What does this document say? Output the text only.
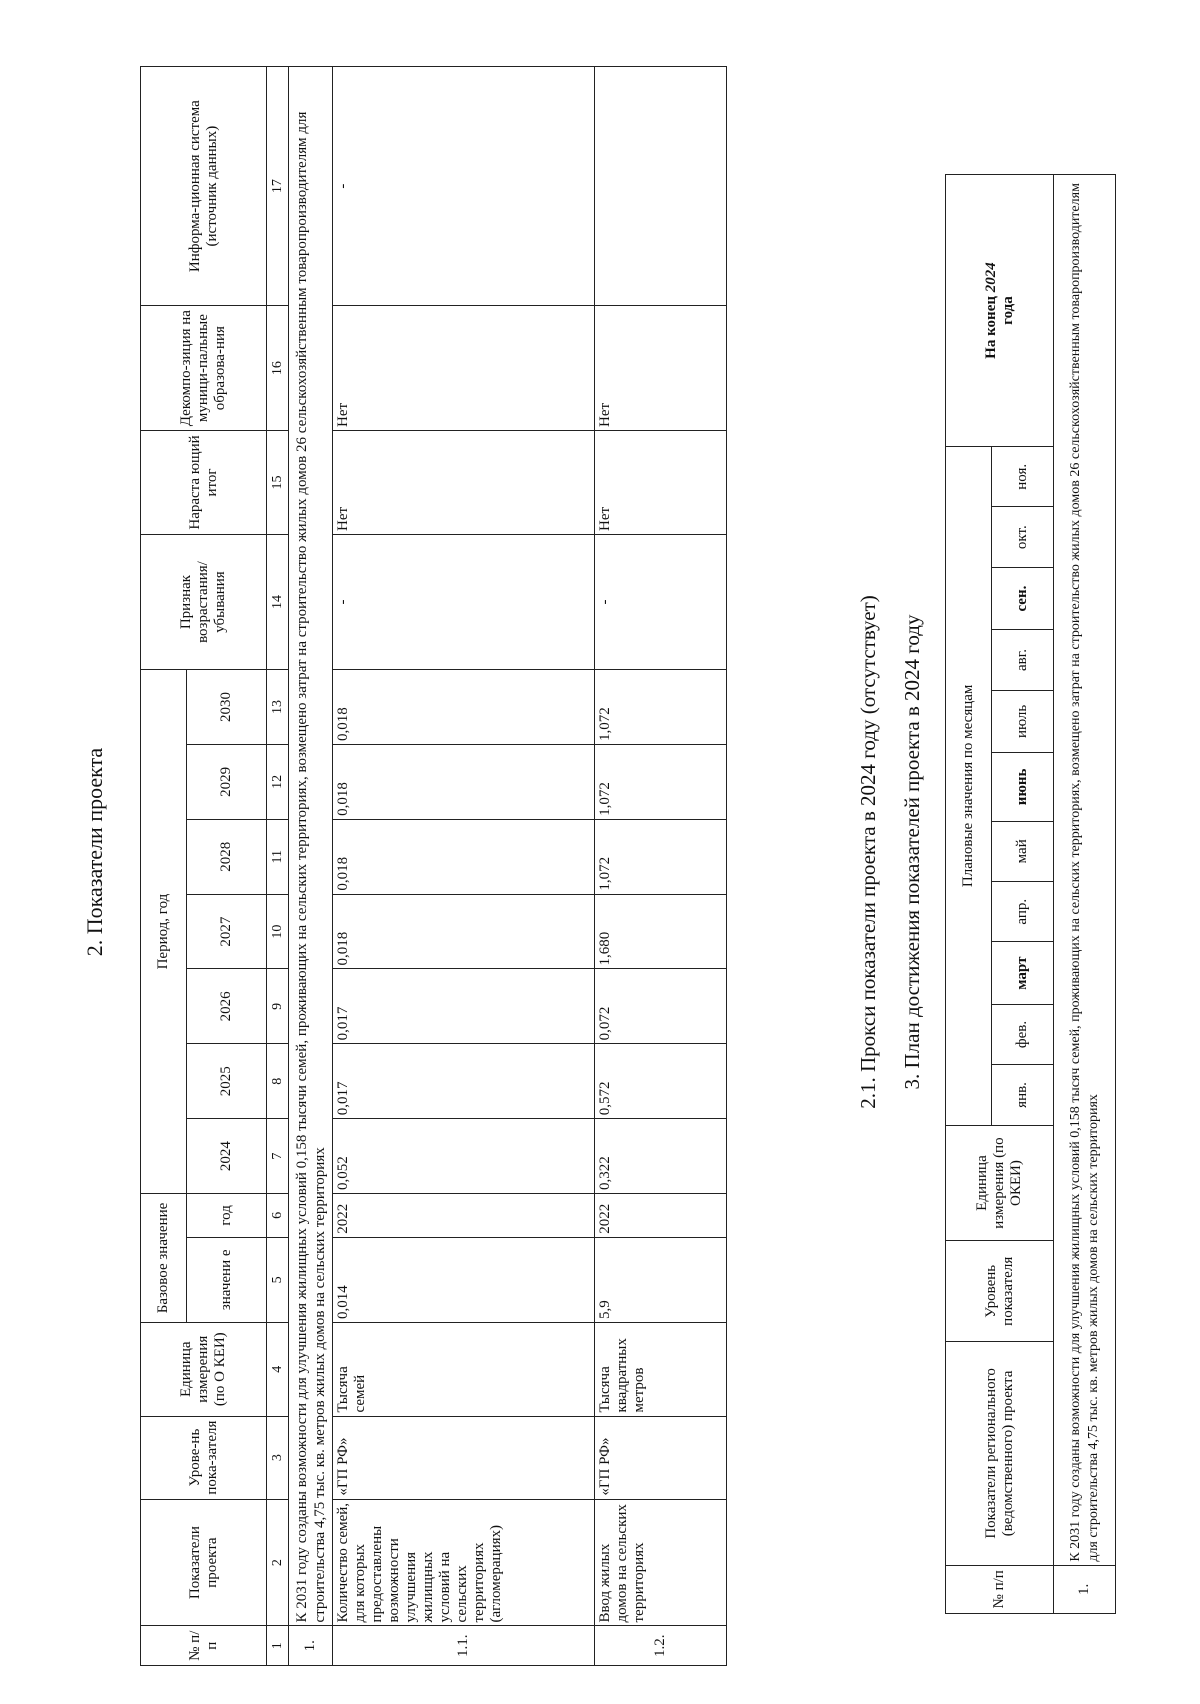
2. Показатели проекта
№ п/п	Показатели проекта	Урове-нь пока-зателя	Единица измерения (по О КЕИ)	Базовое значение		Период, год							Признак возрастания/ убывания	Нараста ющий итог	Декомпо-зиция на муници-пальные образова-ния	Информа-ционная система (источник данных)
				значени е	год	2024	2025	2026	2027	2028	2029	2030				
1	2	3	4	5	6	7	8	9	10	11	12	13	14	15	16	17
1.	К 2031 году созданы возможности для улучшения жилищных условий 0,158 тысячи семей, проживающих на сельских территориях, возмещено затрат на строительство жилых домов 26 сельскохозяйственным товаропроизводителям для строительства 4,75 тыс. кв. метров жилых домов на сельских территориях															
1.1.	Количество семей, для которых предоставлены возможности улучшения жилищных условий на сельских территориях (агломерациях)	«ГП РФ»	Тысяча семей	0,014	2022	0,052	0,017	0,017	0,018	0,018	0,018	0,018	-	Нет	Нет	-
1.2.	Ввод жилых домов на сельских территориях	«ГП РФ»	Тысяча квадратных метров	5,9	2022	0,322	0,572	0,072	1,680	1,072	1,072	1,072	-	Нет	Нет	
2.1. Прокси показатели проекта в 2024 году (отсутствует) 3. План достижения показателей проекта в 2024 году
№ п/п	Показатели регионального (ведомственного) проекта	Уровень показателя	Единица измерения (по ОКЕИ)	Плановые значения по месяцам											На конец 2024
года
				янв.	фев.	март	апр.	май	июнь	июль	авг.	сен.	окт.	ноя.	
1.	К 2031 году созданы возможности для улучшения жилищных условий 0,158 тысяч семей, проживающих на сельских территориях, возмещено затрат на строительство жилых домов 26 сельскохозяйственным товаропроизводителям для строительства 4,75 тыс. кв. метров жилых домов на сельских территориях														
